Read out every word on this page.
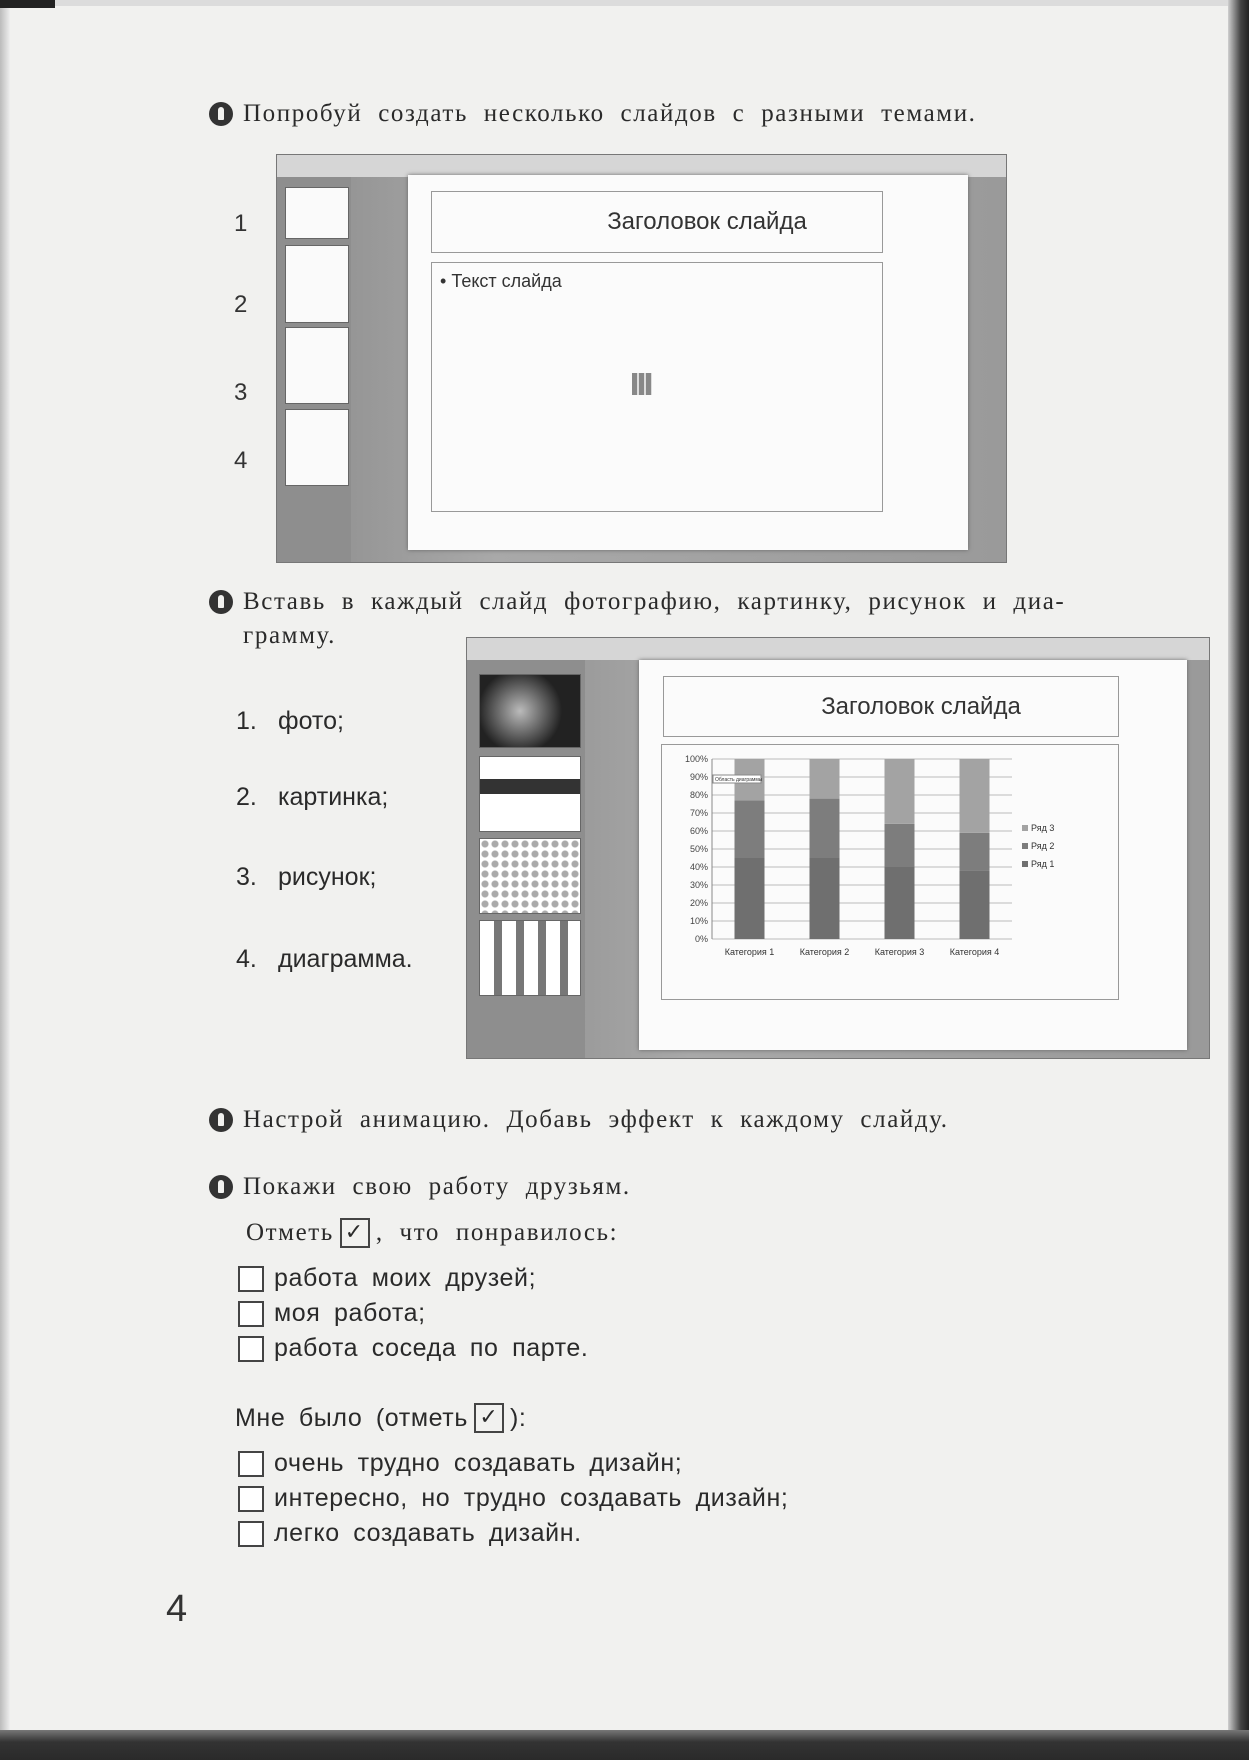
Попробуй создать несколько слайдов с разными темами.
1
2
3
4
Заголовок слайда
• Текст слайда
Вставь в каждый слайд фотографию, картинку, рисунок и диа-
грамму.
1. фото;
2. картинка;
3. рисунок;
4. диаграмма.
Заголовок слайда
0%
10%
20%
30%
40%
50%
60%
70%
80%
90%
100%
Категория 1	Категория 2	Категория 3	Категория 4
Ряд 3
Ряд 2
Ряд 1
Область диаграммы
Настрой анимацию. Добавь эффект к каждому слайду.
Покажи свою работу друзьям.
Отметь ✓ , что понравилось:
работа моих друзей;
моя работа;
работа соседа по парте.
Мне было (отметь ✓ ):
очень трудно создавать дизайн;
интересно, но трудно создавать дизайн;
легко создавать дизайн.
4
